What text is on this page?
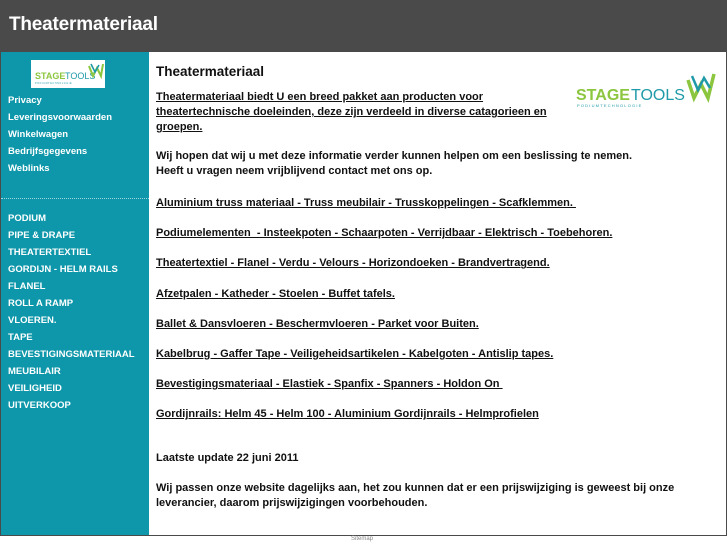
Theatermateriaal
STAGE TOOLS
PODIUMTECHNOLOGIE
Privacy
Leveringsvoorwaarden
Winkelwagen
Bedrijfsgegevens
Weblinks
PODIUM
PIPE & DRAPE
THEATERTEXTIEL
GORDIJN - HELM RAILS
FLANEL
ROLL A RAMP
VLOEREN.
TAPE
BEVESTIGINGSMATERIAAL
MEUBILAIR
VEILIGHEID
UITVERKOOP
Theatermateriaal
STAGE TOOLS
PODIUMTECHNOLOGIE

Theatermateriaal biedt U een breed pakket aan producten voor theatertechnische doeleinden, deze zijn verdeeld in diverse catagorieen en groepen.

Wij hopen dat wij u met deze informatie verder kunnen helpen om een beslissing te nemen.
Heeft u vragen neem vrijblijvend contact met ons op.
Aluminium truss materiaal - Truss meubilair - Trusskoppelingen - Scafklemmen.
Podiumelementen  - Insteekpoten - Schaarpoten - Verrijdbaar - Elektrisch - Toebehoren.
Theatertextiel - Flanel - Verdu - Velours - Horizondoeken - Brandvertragend.
Afzetpalen - Katheder - Stoelen - Buffet tafels.
Ballet & Dansvloeren - Beschermvloeren - Parket voor Buiten.
Kabelbrug - Gaffer Tape - Veiligeheidsartikelen - Kabelgoten - Antislip tapes.
Bevestigingsmateriaal - Elastiek - Spanfix - Spanners - Holdon On
Gordijnrails: Helm 45 - Helm 100 - Aluminium Gordijnrails - Helmprofielen
Laatste update 22 juni 2011

Wij passen onze website dagelijks aan, het zou kunnen dat er een prijswijziging is geweest bij onze leverancier, daarom prijswijzigingen voorbehouden.

Sitemap
